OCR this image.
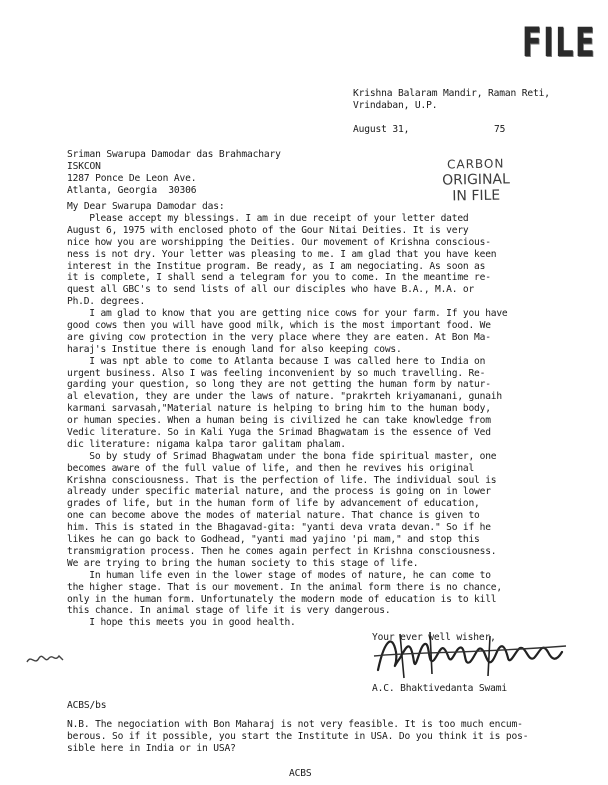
FILE
Krishna Balaram Mandir, Raman Reti,
Vrindaban, U.P.
August 31,	75
Sriman Swarupa Damodar das Brahmachary
ISKCON
1287 Ponce De Leon Ave.
Atlanta, Georgia  30306
CARBON
ORIGINAL
IN FILE
My Dear Swarupa Damodar das:
Please accept my blessings. I am in due receipt of your letter dated
August 6, 1975 with enclosed photo of the Gour Nitai Deities. It is very
nice how you are worshipping the Deities. Our movement of Krishna conscious-
ness is not dry. Your letter was pleasing to me. I am glad that you have keen
interest in the Institue program. Be ready, as I am negociating. As soon as
it is complete, I shall send a telegram for you to come. In the meantime re-
quest all GBC's to send lists of all our disciples who have B.A., M.A. or
Ph.D. degrees.
I am glad to know that you are getting nice cows for your farm. If you have
good cows then you will have good milk, which is the most important food. We
are giving cow protection in the very place where they are eaten. At Bon Ma-
haraj's Institue there is enough land for also keeping cows.
I was npt able to come to Atlanta because I was called here to India on
urgent business. Also I was feeling inconvenient by so much travelling. Re-
garding your question, so long they are not getting the human form by natur-
al elevation, they are under the laws of nature. "prakrteh kriyamanani, gunaih
karmani sarvasah,"Material nature is helping to bring him to the human body,
or human species. When a human being is civilized he can take knowledge from
Vedic literature. So in Kali Yuga the Srimad Bhagwatam is the essence of Ved
dic literature: nigama kalpa taror galitam phalam.
So by study of Srimad Bhagwatam under the bona fide spiritual master, one
becomes aware of the full value of life, and then he revives his original
Krishna consciousness. That is the perfection of life. The individual soul is
already under specific material nature, and the process is going on in lower
grades of life, but in the human form of life by advancement of education,
one can become above the modes of material nature. That chance is given to
him. This is stated in the Bhagavad-gita: "yanti deva vrata devan." So if he
likes he can go back to Godhead, "yanti mad yajino 'pi mam," and stop this
transmigration process. Then he comes again perfect in Krishna consciousness.
We are trying to bring the human society to this stage of life.
In human life even in the lower stage of modes of nature, he can come to
the higher stage. That is our movement. In the animal form there is no chance,
only in the human form. Unfortunately the modern mode of education is to kill
this chance. In animal stage of life it is very dangerous.
I hope this meets you in good health.
Your ever well wisher,
A.C. Bhaktivedanta Swami
ACBS/bs
N.B. The negociation with Bon Maharaj is not very feasible. It is too much encum-
berous. So if it possible, you start the Institute in USA. Do you think it is pos-
sible here in India or in USA?
ACBS
